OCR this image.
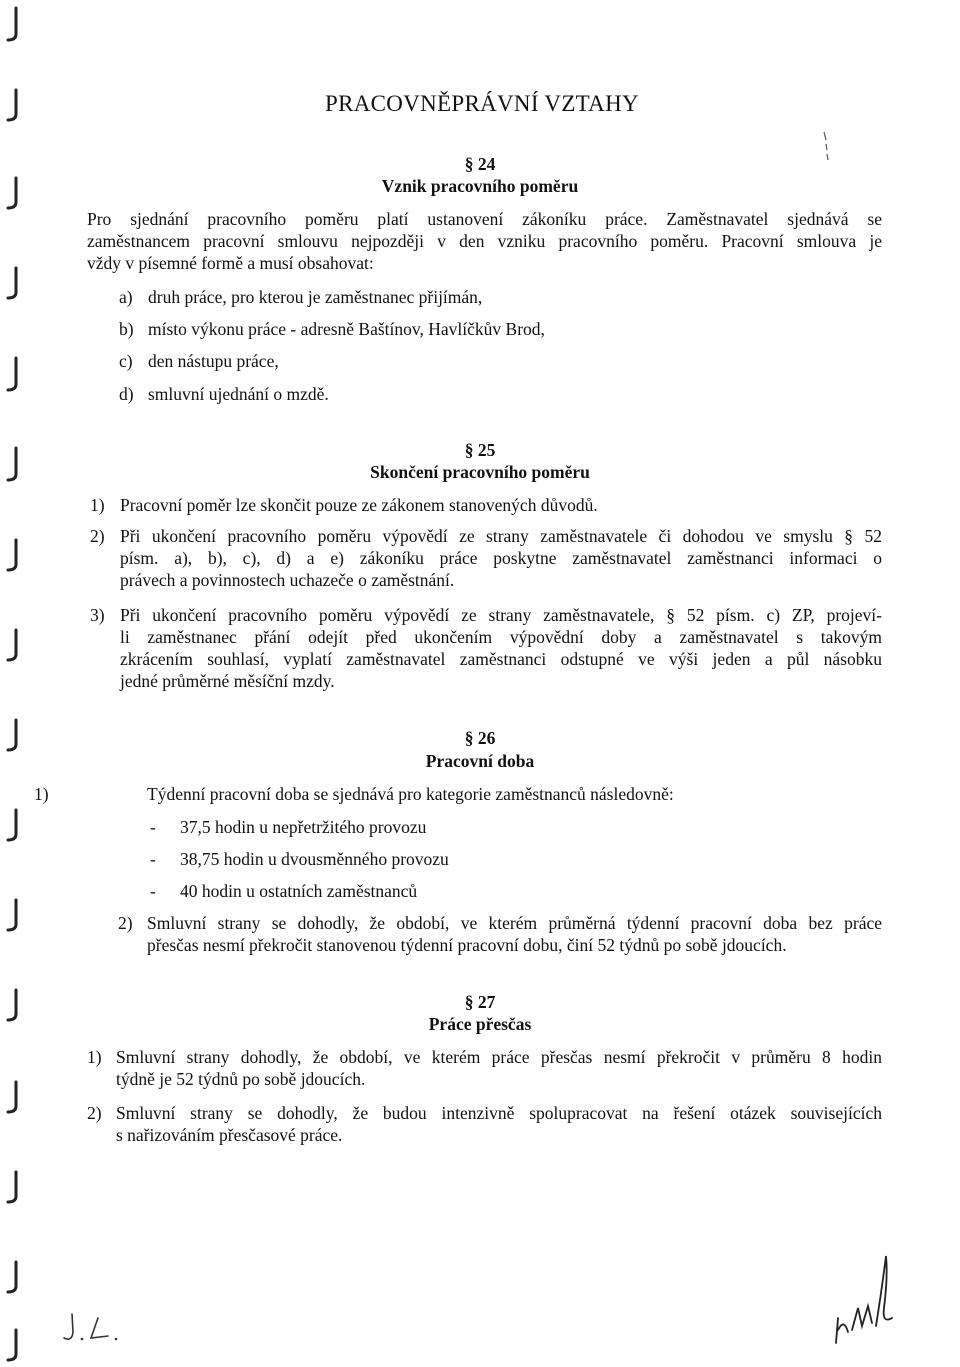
PRACOVNĚPRÁVNÍ VZTAHY
§ 24
Vznik pracovního poměru
Pro sjednání pracovního poměru platí ustanovení zákoníku práce. Zaměstnavatel sjednává se
zaměstnancem pracovní smlouvu nejpozději v den vzniku pracovního poměru. Pracovní smlouva je
vždy v písemné formě a musí obsahovat:
a) druh práce, pro kterou je zaměstnanec přijímán,
b) místo výkonu práce - adresně Baštínov, Havlíčkův Brod,
c) den nástupu práce,
d) smluvní ujednání o mzdě.
§ 25
Skončení pracovního poměru
1) Pracovní poměr lze skončit pouze ze zákonem stanovených důvodů.
2) Při ukončení pracovního poměru výpovědí ze strany zaměstnavatele či dohodou ve smyslu § 52
písm. a), b), c), d) a e) zákoníku práce poskytne zaměstnavatel zaměstnanci informaci o
právech a povinnostech uchazeče o zaměstnání.
3) Při ukončení pracovního poměru výpovědí ze strany zaměstnavatele, § 52 písm. c) ZP, projeví-
li zaměstnanec přání odejít před ukončením výpovědní doby a zaměstnavatel s takovým
zkrácením souhlasí, vyplatí zaměstnavatel zaměstnanci odstupné ve výši jeden a půl násobku
jedné průměrné měsíční mzdy.
§ 26
Pracovní doba
1)	Týdenní pracovní doba se sjednává pro kategorie zaměstnanců následovně:
- 37,5 hodin u nepřetržitého provozu
- 38,75 hodin u dvousměnného provozu
- 40 hodin u ostatních zaměstnanců
2) Smluvní strany se dohodly, že období, ve kterém průměrná týdenní pracovní doba bez práce
přesčas nesmí překročit stanovenou týdenní pracovní dobu, činí 52 týdnů po sobě jdoucích.
§ 27
Práce přesčas
1) Smluvní strany dohodly, že období, ve kterém práce přesčas nesmí překročit v průměru 8 hodin
týdně je 52 týdnů po sobě jdoucích.
2) Smluvní strany se dohodly, že budou intenzivně spolupracovat na řešení otázek souvisejících
s nařizováním přesčasové práce.
